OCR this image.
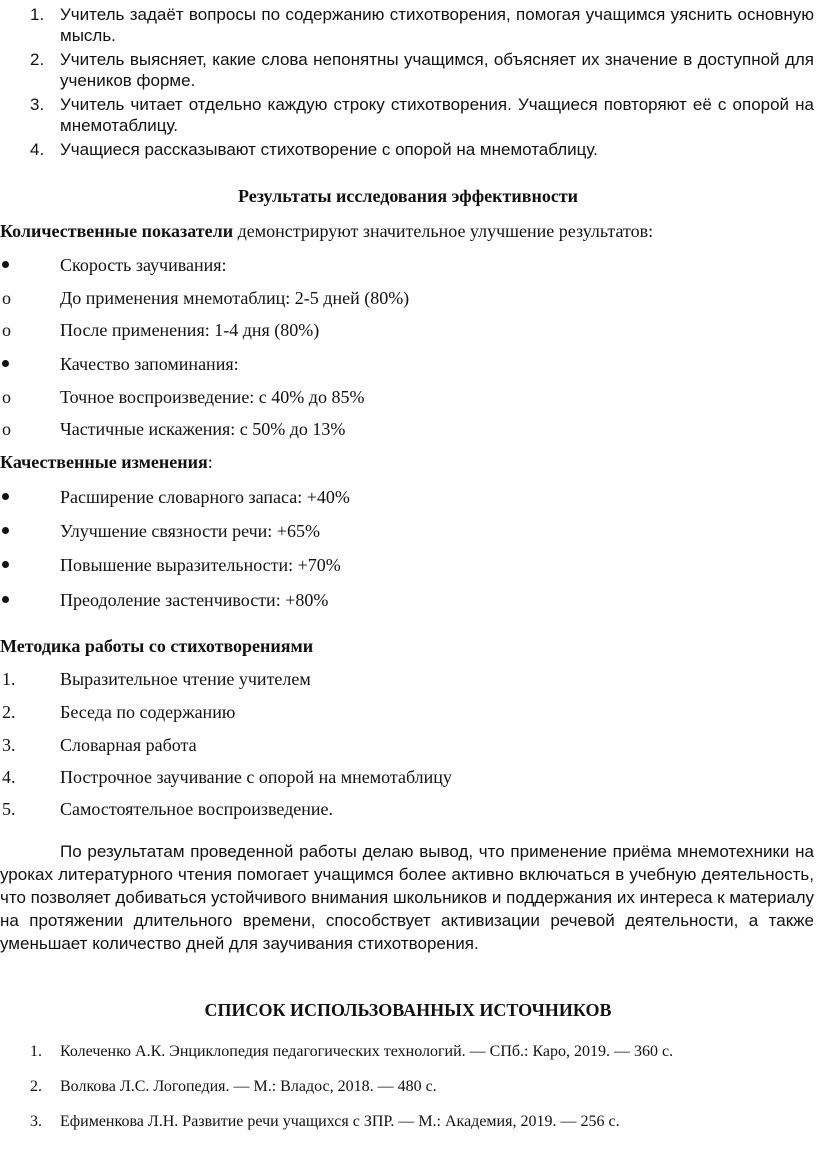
1. Учитель задаёт вопросы по содержанию стихотворения, помогая учащимся уяснить основную мысль.
2. Учитель выясняет, какие слова непонятны учащимся, объясняет их значение в доступной для учеников форме.
3. Учитель читает отдельно каждую строку стихотворения. Учащиеся повторяют её с опорой на мнемотаблицу.
4. Учащиеся рассказывают стихотворение с опорой на мнемотаблицу.
Результаты исследования эффективности
Количественные показатели демонстрируют значительное улучшение результатов:
Скорость заучивания:
o	До применения мнемотаблиц: 2-5 дней (80%)
o	После применения: 1-4 дня (80%)
Качество запоминания:
o	Точное воспроизведение: с 40% до 85%
o	Частичные искажения: с 50% до 13%
Качественные изменения:
Расширение словарного запаса: +40%
Улучшение связности речи: +65%
Повышение выразительности: +70%
Преодоление застенчивости: +80%
Методика работы со стихотворениями
1. Выразительное чтение учителем
2. Беседа по содержанию
3. Словарная работа
4. Построчное заучивание с опорой на мнемотаблицу
5. Самостоятельное воспроизведение.
По результатам проведенной работы делаю вывод, что применение приёма мнемотехники на уроках литературного чтения помогает учащимся более активно включаться в учебную деятельность, что позволяет добиваться устойчивого внимания школьников и поддержания их интереса к материалу на протяжении длительного времени, способствует активизации речевой деятельности, а также уменьшает количество дней для заучивания стихотворения.
СПИСОК ИСПОЛЬЗОВАННЫХ ИСТОЧНИКОВ
1. Колеченко А.К. Энциклопедия педагогических технологий. — СПб.: Каро, 2019. — 360 с.
2. Волкова Л.С. Логопедия. — М.: Владос, 2018. — 480 с.
3. Ефименкова Л.Н. Развитие речи учащихся с ЗПР. — М.: Академия, 2019. — 256 с.
